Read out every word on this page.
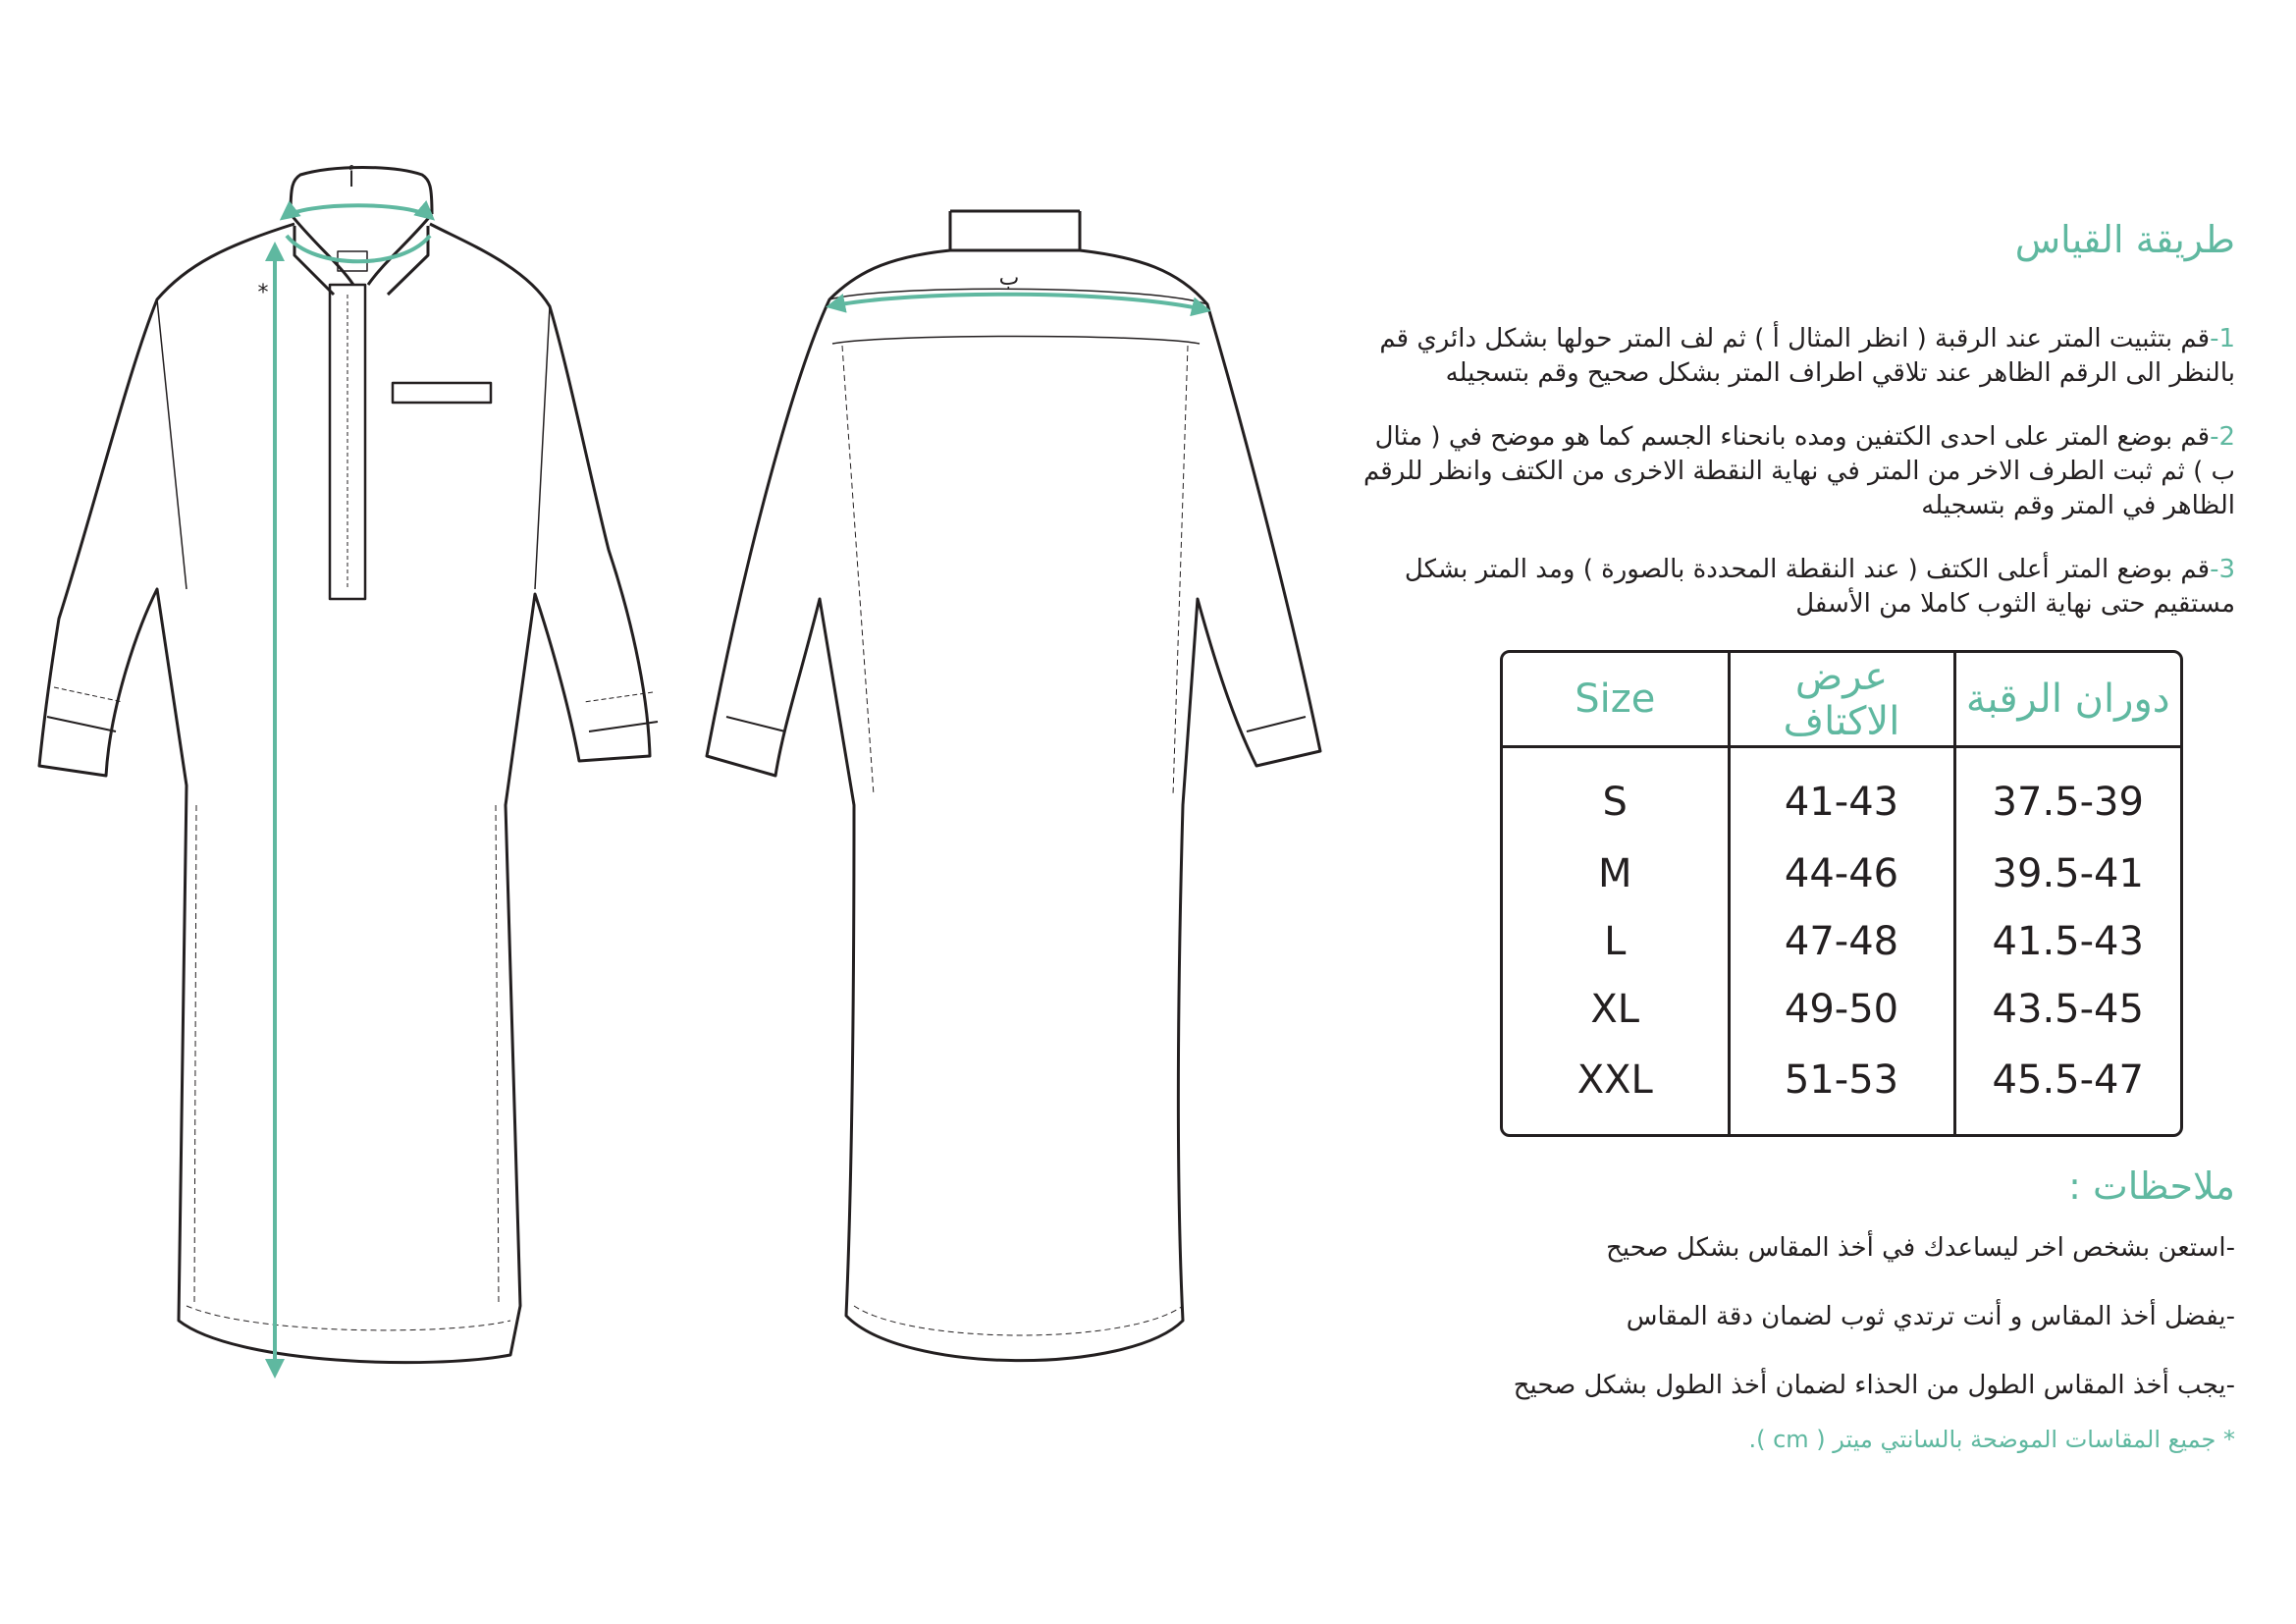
أ
*
ب
طريقة القياس
1-قم بتثبيت المتر عند الرقبة ( انظر المثال أ ) ثم لف المتر حولها بشكل دائري قم بالنظر الى الرقم الظاهر عند تلاقي اطراف المتر بشكل صحيح وقم بتسجيله
2-قم بوضع المتر على احدى الكتفين ومده بانحناء الجسم كما هو موضح في ( مثال ب ) ثم ثبت الطرف الاخر من المتر في نهاية النقطة الاخرى من الكتف وانظر للرقم الظاهر في المتر وقم بتسجيله
3-قم بوضع المتر أعلى الكتف ( عند النقطة المحددة بالصورة ) ومد المتر بشكل مستقيم حتى نهاية الثوب كاملا من الأسفل
Size	عرض الاكتاف	دوران الرقبة
S	41-43	37.5-39
M	44-46	39.5-41
L	47-48	41.5-43
XL	49-50	43.5-45
XXL	51-53	45.5-47
ملاحظات :
-استعن بشخص اخر ليساعدك في أخذ المقاس بشكل صحيح
-يفضل أخذ المقاس و أنت ترتدي ثوب لضمان دقة المقاس
-يجب أخذ المقاس الطول من الحذاء لضمان أخذ الطول بشكل صحيح
* جميع المقاسات الموضحة بالسانتي ميتر ( cm ).
